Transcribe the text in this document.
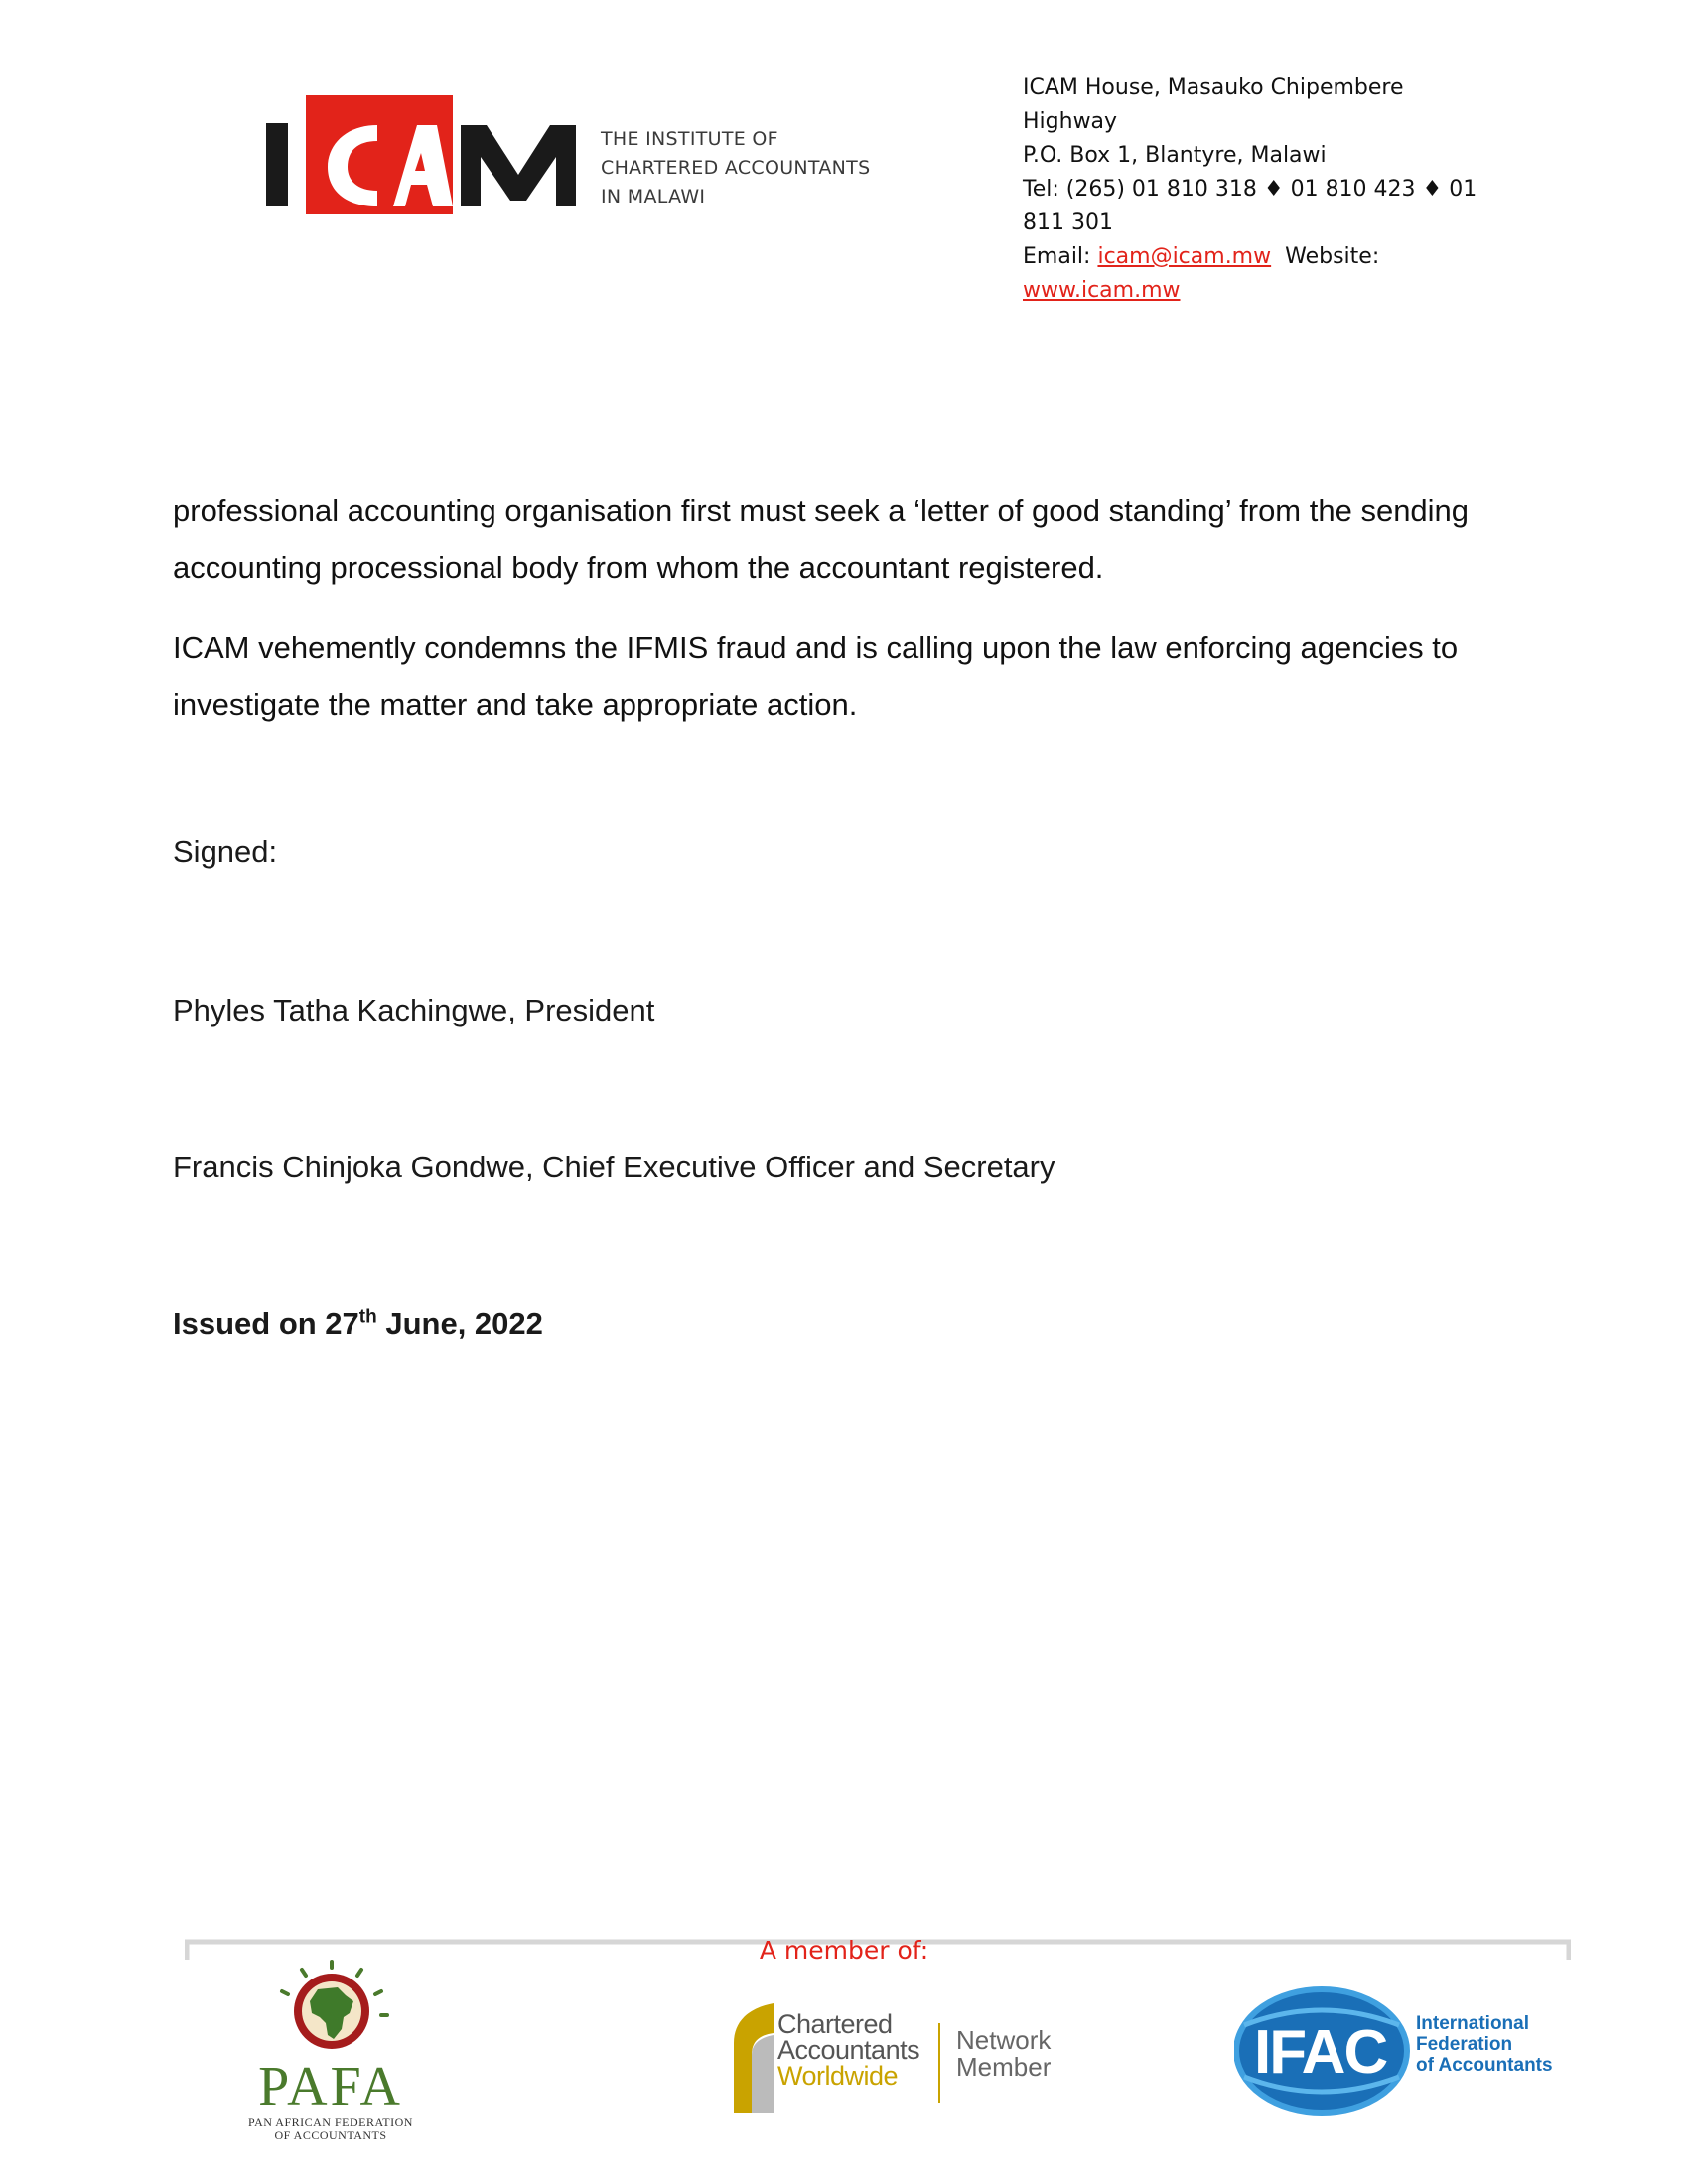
THE INSTITUTE OF
CHARTERED ACCOUNTANTS
IN MALAWI
ICAM House, Masauko Chipembere
Highway
P.O. Box 1, Blantyre, Malawi
Tel: (265) 01 810 318 ♦ 01 810 423 ♦ 01
811 301
Email: icam@icam.mw Website:
www.icam.mw

professional accounting organisation first must seek a ‘letter of good standing’ from the sending accounting processional body from whom the accountant registered.

ICAM vehemently condemns the IFMIS fraud and is calling upon the law enforcing agencies to investigate the matter and take appropriate action.

Signed:
Phyles Tatha Kachingwe, President
Francis Chinjoka Gondwe, Chief Executive Officer and Secretary
Issued on 27th June, 2022
A member of:
PAFA
PAN AFRICAN FEDERATION
OF ACCOUNTANTS
Chartered
Accountants
Worldwide
Network
Member	IFAC International
Federation
of Accountants
